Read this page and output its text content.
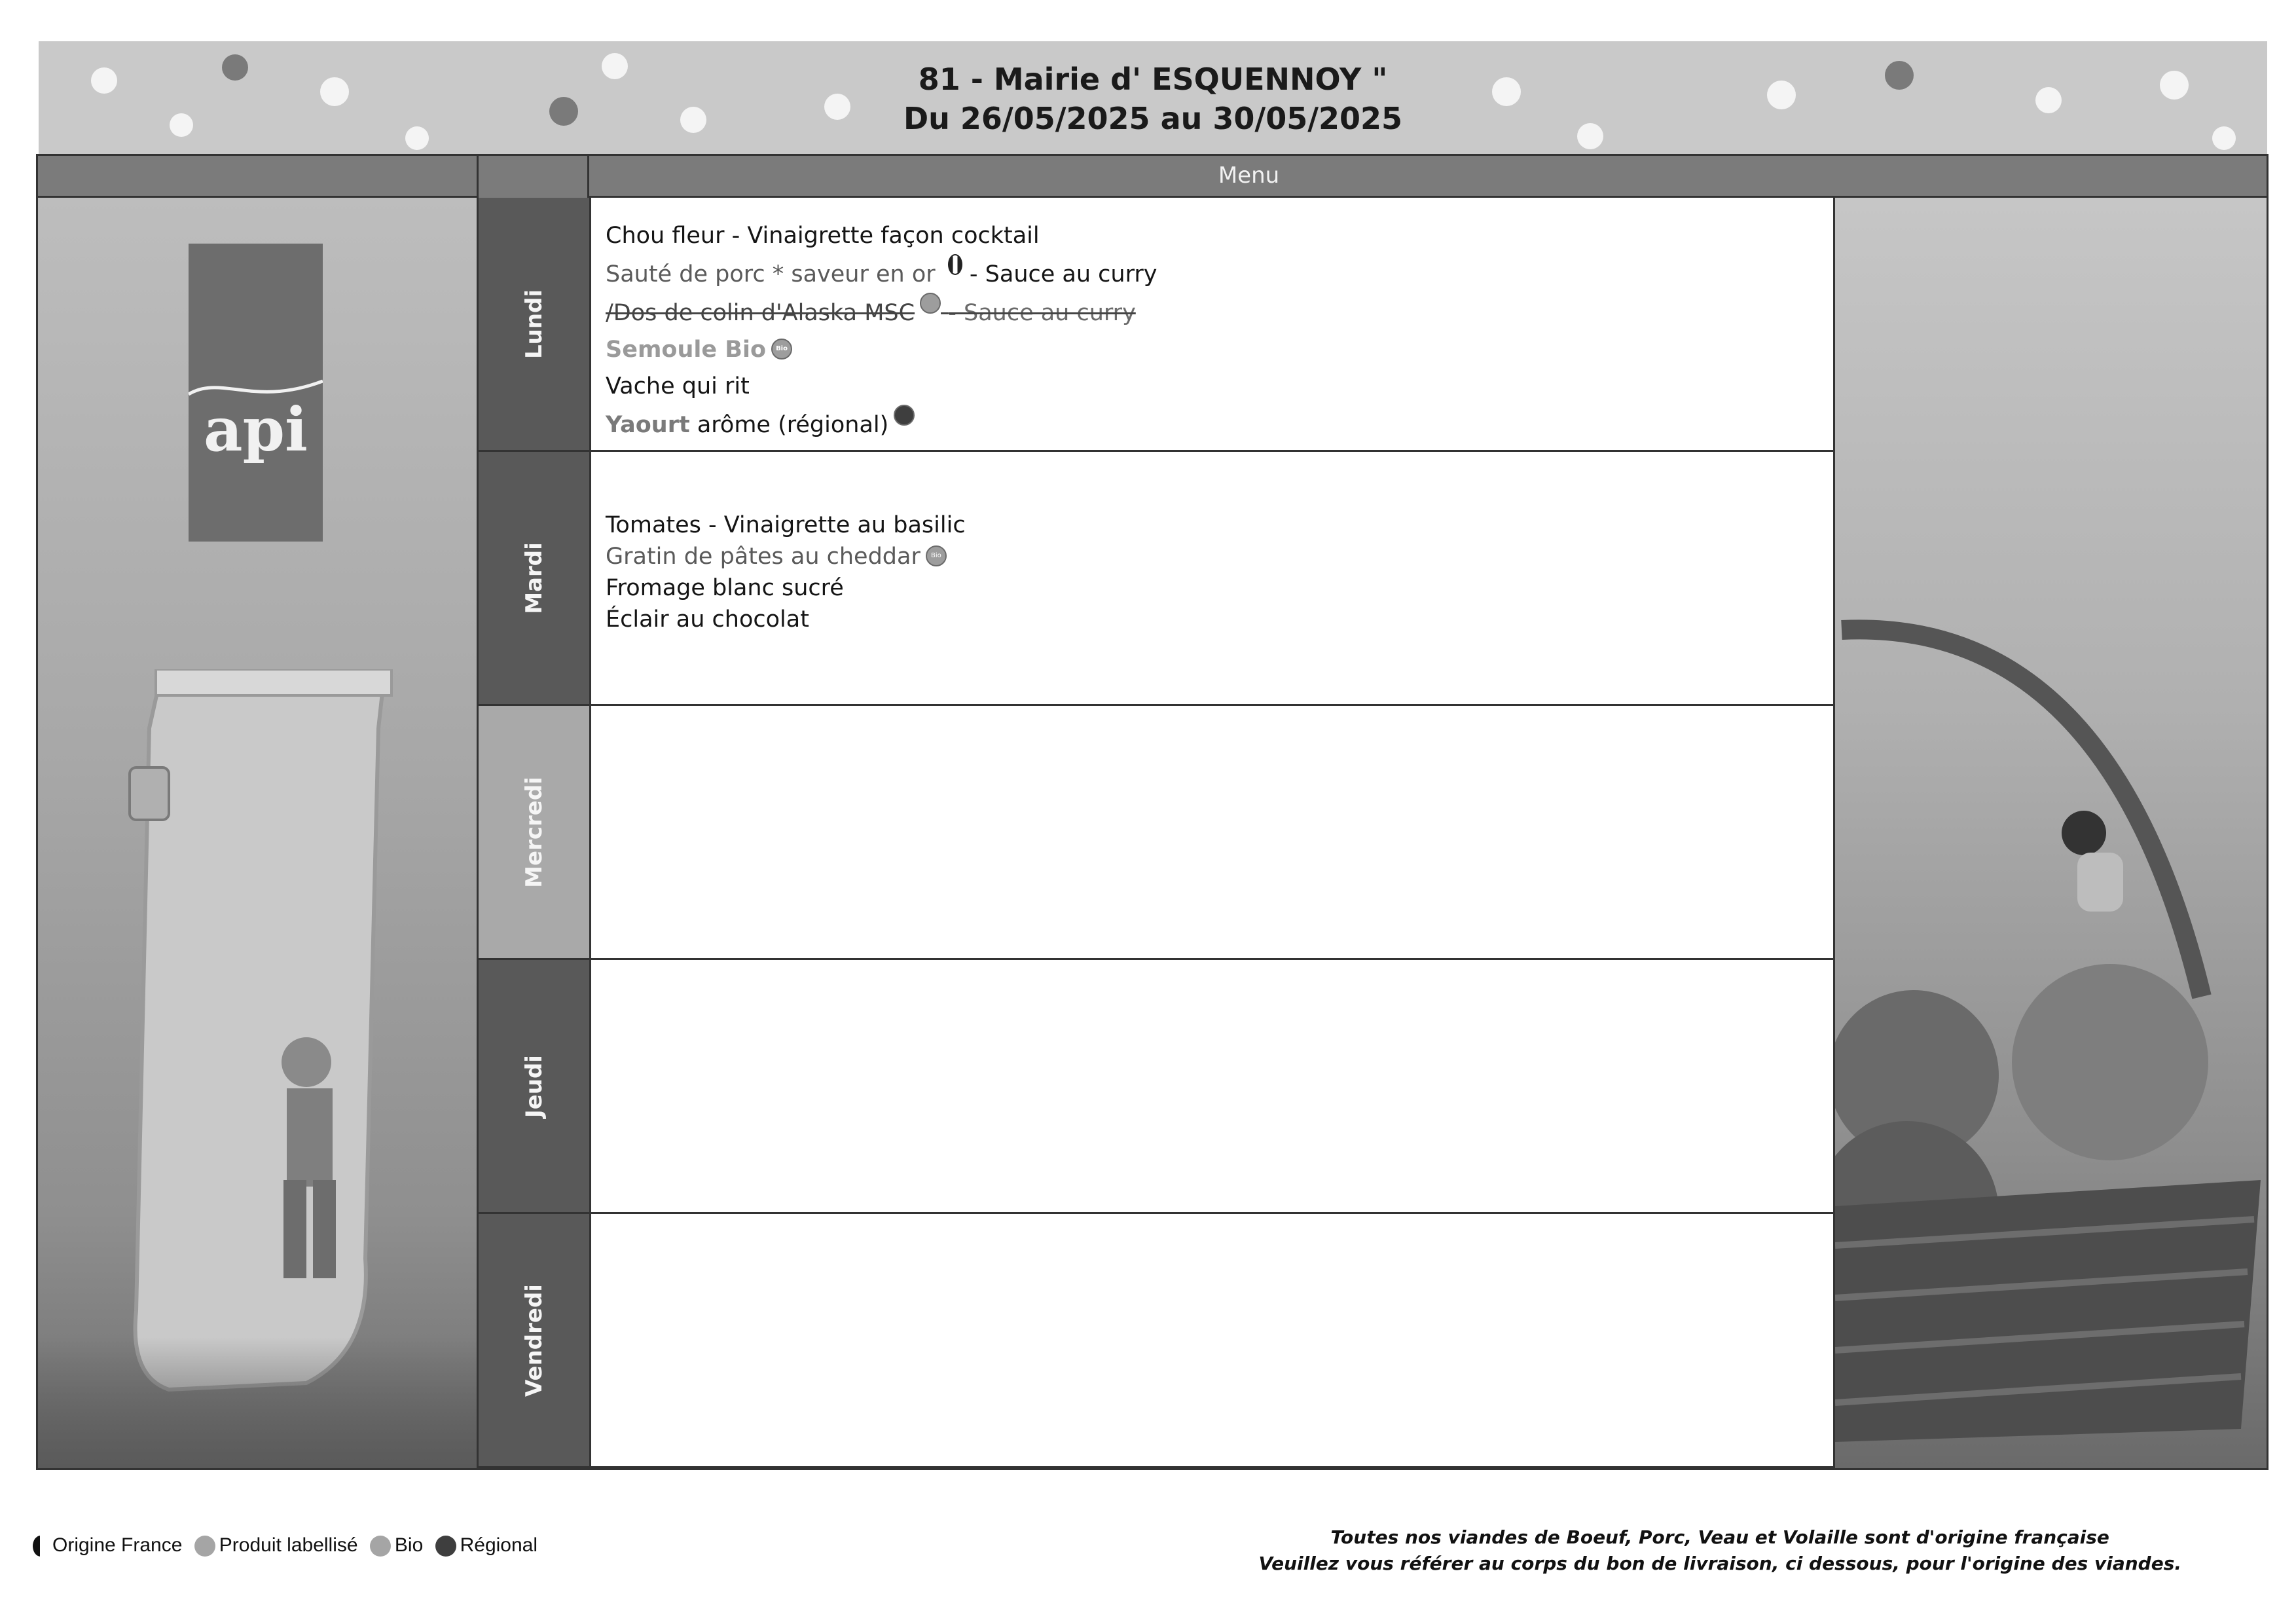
81 - Mairie d' ESQUENNOY "
Du 26/05/2025 au 30/05/2025
Menu
api
Lundi
Chou fleur - Vinaigrette façon cocktail
Sauté de porc * saveur en or - Sauce au curry
/Dos de colin d'Alaska MSC - Sauce au curry
Semoule Bio Bio
Vache qui rit
Yaourt arôme (régional)
Mardi
Tomates - Vinaigrette au basilic
Gratin de pâtes au cheddar Bio
Fromage blanc sucré
Éclair au chocolat
Mercredi
Jeudi
Vendredi
Origine France Produit labellisé Bio Régional	Toutes nos viandes de Boeuf, Porc, Veau et Volaille sont d'origine française
Veuillez vous référer au corps du bon de livraison, ci dessous, pour l'origine des viandes.
